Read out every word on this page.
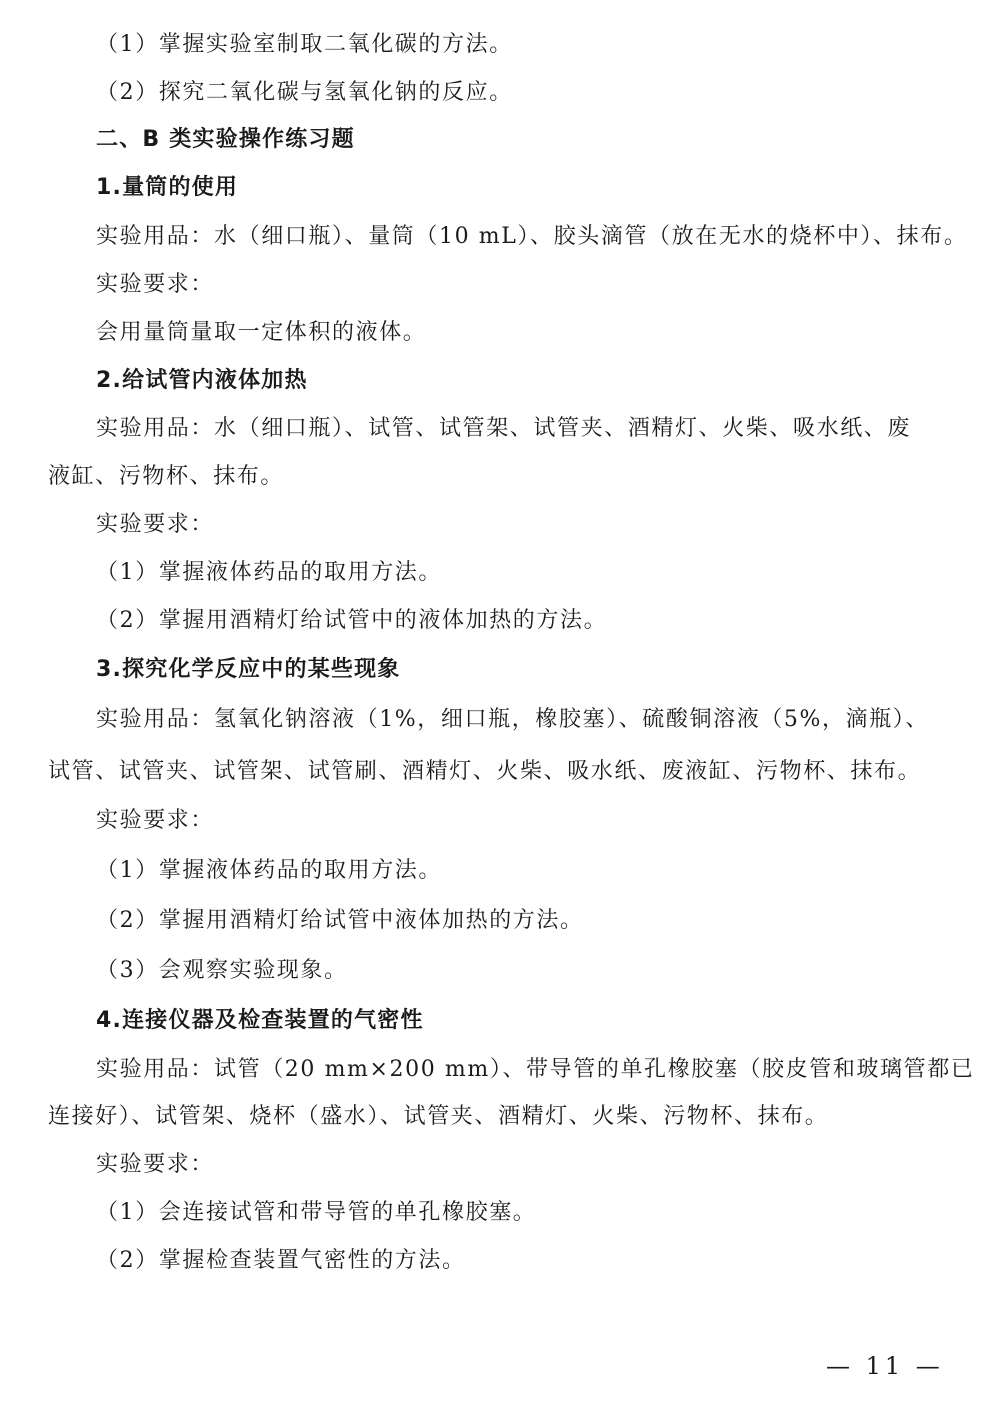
（1）掌握实验室制取二氧化碳的方法。
（2）探究二氧化碳与氢氧化钠的反应。
二、B 类实验操作练习题
1.量筒的使用
实验用品：水（细口瓶）、量筒（10 mL）、胶头滴管（放在无水的烧杯中）、抹布。
实验要求：
会用量筒量取一定体积的液体。
2.给试管内液体加热
实验用品：水（细口瓶）、试管、试管架、试管夹、酒精灯、火柴、吸水纸、废
液缸、污物杯、抹布。
实验要求：
（1）掌握液体药品的取用方法。
（2）掌握用酒精灯给试管中的液体加热的方法。
3.探究化学反应中的某些现象
实验用品：氢氧化钠溶液（1%，细口瓶，橡胶塞）、硫酸铜溶液（5%，滴瓶）、
试管、试管夹、试管架、试管刷、酒精灯、火柴、吸水纸、废液缸、污物杯、抹布。
实验要求：
（1）掌握液体药品的取用方法。
（2）掌握用酒精灯给试管中液体加热的方法。
（3）会观察实验现象。
4.连接仪器及检查装置的气密性
实验用品：试管（20 mm×200 mm）、带导管的单孔橡胶塞（胶皮管和玻璃管都已
连接好）、试管架、烧杯（盛水）、试管夹、酒精灯、火柴、污物杯、抹布。
实验要求：
（1）会连接试管和带导管的单孔橡胶塞。
（2）掌握检查装置气密性的方法。
— 11 —
